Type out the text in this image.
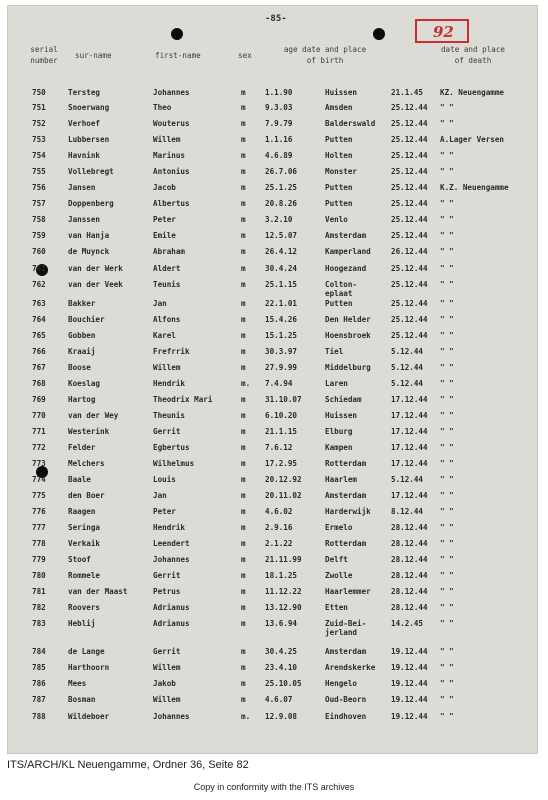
-85-
92
serial
number
sur-name	first-name	sex
age date and place
of birth
date and place
of death
750	Tersteg	Johannes	m	1.1.90	Huissen	21.1.45 KZ. Neuengamme
751	Snoerwang	Theo	m	9.3.03	Amsden	25.12.44 " "
752	Verhoef	Wouterus	m	7.9.79	Balderswald 25.12.44 " "
753	Lubbersen	Willem	m	1.1.16	Putten	25.12.44 A.Lager Versen
754	Havnink	Marinus	m	4.6.89	Holten	25.12.44 " "
755	Vollebregt	Antonius	m	26.7.06	Monster	25.12.44 " "
756	Jansen	Jacob	m	25.1.25	Putten	25.12.44 K.Z. Neuengamme
757	Doppenberg	Albertus	m	20.8.26	Putten	25.12.44 " "
758	Janssen	Peter	m	3.2.10	Venlo	25.12.44 " "
759	van Hanja	Emile	m	12.5.07	Amsterdam	25.12.44 " "
760	de Muynck	Abraham	m	26.4.12	Kamperland	26.12.44 " "
761	van der Werk	Aldert	m	30.4.24	Hoogezand	25.12.44 " "
762	van der Veek	Teunis	m	25.1.15	Colton-
eplaat
25.12.44 " "
763	Bakker	Jan	m	22.1.01	Putten	25.12.44 " "
764	Bouchier	Alfons	m	15.4.26	Den Helder	25.12.44 " "
765	Gobben	Karel	m	15.1.25	Hoensbroek	25.12.44 " "
766	Kraaij	Frefrrik	m	30.3.97	Tiel	5.12.44 " "
767	Boose	Willem	m	27.9.99	Middelburg	5.12.44 " "
768	Koeslag	Hendrik	m. 7.4.94	Laren	5.12.44 " "
769	Hartog	Theodrix Mari	m	31.10.07	Schiedam	17.12.44 " "
770	van der Wey	Theunis	m	6.10.20	Huissen	17.12.44 " "
771	Westerink	Gerrit	m	21.1.15	Elburg	17.12.44 " "
772	Felder	Egbertus	m	7.6.12	Kampen	17.12.44 " "
773	Melchers	Wilhelmus	m	17.2.95	Rotterdam	17.12.44 " "
774	Baale	Louis	m	20.12.92	Haarlem	5.12.44 " "
775	den Boer	Jan	m	20.11.02	Amsterdam	17.12.44 " "
776	Raagen	Peter	m	4.6.02	Harderwijk	8.12.44 " "
777	Seringa	Hendrik	m	2.9.16	Ermelo	28.12.44 " "
778	Verkaik	Leendert	m	2.1.22	Rotterdam	28.12.44 " "
779	Stoof	Johannes	m	21.11.99	Delft	28.12.44 " "
780	Rommele	Gerrit	m	18.1.25	Zwolle	28.12.44 " "
781	van der Maast	Petrus	m	11.12.22	Haarlemmer	28.12.44 " "
782	Roovers	Adrianus	m	13.12.90	Etten	28.12.44 " "
783	Heblij	Adrianus	m	13.6.94	Zuid-Bei-
jerland
14.2.45 " "
784	de Lange	Gerrit	m	30.4.25	Amsterdam	19.12.44 " "
785	Harthoorn	Willem	m	23.4.10	Arendskerke 19.12.44 " "
786	Mees	Jakob	m	25.10.05	Hengelo	19.12.44 " "
787	Bosman	Willem	m	4.6.07	Oud-Beorn	19.12.44 " "
788	Wildeboer	Johannes	m. 12.9.08	Eindhoven	19.12.44 " "
ITS/ARCH/KL Neuengamme, Ordner 36, Seite 82
Copy in conformity with the ITS archives
